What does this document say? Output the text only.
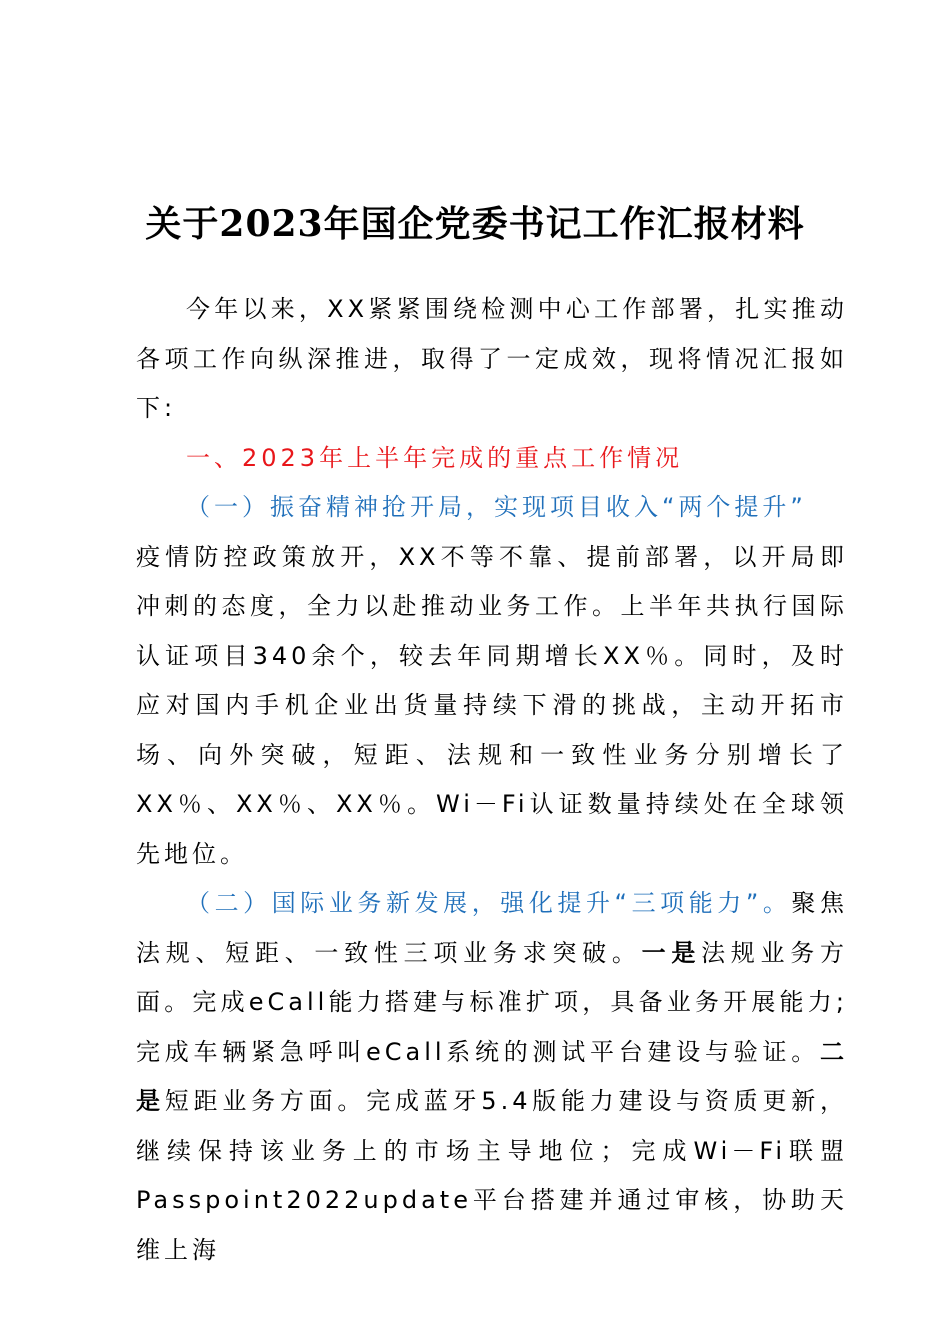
关于2023年国企党委书记工作汇报材料

今年以来，XX紧紧围绕检测中心工作部署，扎实推动各项工作向纵深推进，取得了一定成效，现将情况汇报如下:

一、2023年上半年完成的重点工作情况

（一）振奋精神抢开局，实现项目收入“两个提升”

疫情防控政策放开，XX不等不靠、提前部署，以开局即冲刺的态度，全力以赴推动业务工作。上半年共执行国际认证项目340余个，较去年同期增长XX％。同时，及时应对国内手机企业出货量持续下滑的挑战，主动开拓市场、向外突破，短距、法规和一致性业务分别增长了XX％、XX％、XX％。Wi－Fi认证数量持续处在全球领先地位。

（二）国际业务新发展，强化提升“三项能力”。聚焦法规、短距、一致性三项业务求突破。一是法规业务方面。完成eCall能力搭建与标准扩项，具备业务开展能力;完成车辆紧急呼叫eCall系统的测试平台建设与验证。二是短距业务方面。完成蓝牙5.4版能力建设与资质更新，继续保持该业务上的市场主导地位；完成Wi－Fi联盟Passpoint2022update平台搭建并通过审核，协助天维上海
